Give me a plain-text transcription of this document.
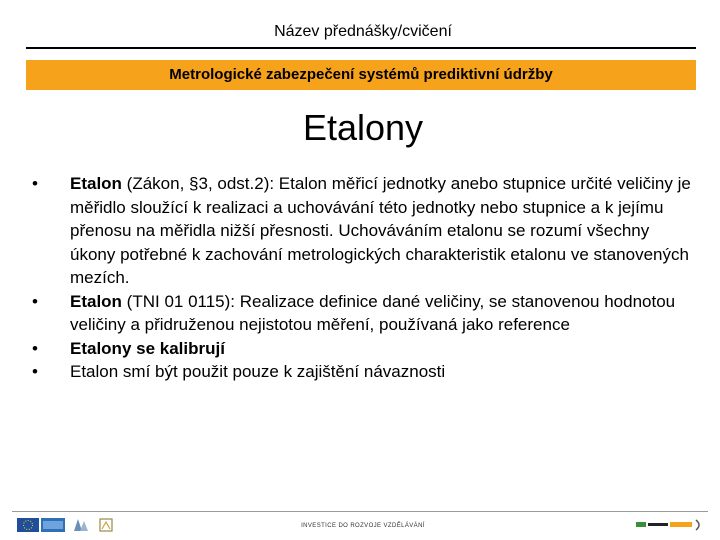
Název přednášky/cvičení
Metrologické zabezpečení systémů prediktivní údržby
Etalony
• Etalon (Zákon, §3, odst.2): Etalon měřicí jednotky anebo stupnice určité veličiny je měřidlo sloužící k realizaci a uchovávání této jednotky nebo stupnice a k jejímu přenosu na měřidla nižší přesnosti. Uchováváním etalonu se rozumí všechny úkony potřebné k zachování metrologických charakteristik etalonu ve stanovených mezích.
• Etalon (TNI 01 0115): Realizace definice dané veličiny, se stanovenou hodnotou veličiny a přidruženou nejistotou měření, používaná jako reference
• Etalony se kalibrují
• Etalon smí být použit pouze k zajištění návaznosti
INVESTICE DO ROZVOJE VZDĚLÁVÁNÍ
